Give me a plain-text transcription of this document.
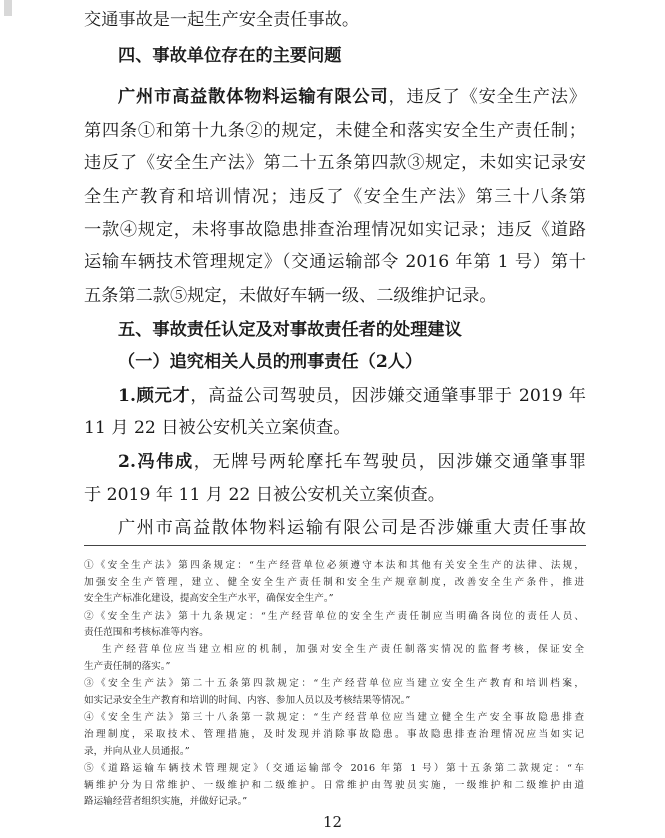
交通事故是一起生产安全责任事故。
四、事故单位存在的主要问题
广州市高益散体物料运输有限公司，违反了《安全生产法》
第四条①和第十九条②的规定，未健全和落实安全生产责任制；
违反了《安全生产法》第二十五条第四款③规定，未如实记录安
全生产教育和培训情况；违反了《安全生产法》第三十八条第
一款④规定，未将事故隐患排查治理情况如实记录；违反《道路
运输车辆技术管理规定》（交通运输部令 2016 年第 1 号）第十
五条第二款⑤规定，未做好车辆一级、二级维护记录。
五、事故责任认定及对事故责任者的处理建议
（一）追究相关人员的刑事责任（2人）
1.顾元才，高益公司驾驶员，因涉嫌交通肇事罪于 2019 年
11 月 22 日被公安机关立案侦查。
2.冯伟成，无牌号两轮摩托车驾驶员，因涉嫌交通肇事罪
于 2019 年 11 月 22 日被公安机关立案侦查。
广州市高益散体物料运输有限公司是否涉嫌重大责任事故
①《安全生产法》第四条规定：“生产经营单位必须遵守本法和其他有关安全生产的法律、法规，
加强安全生产管理，建立、健全安全生产责任制和安全生产规章制度，改善安全生产条件，推进
安全生产标准化建设，提高安全生产水平，确保安全生产。”
②《安全生产法》第十九条规定：“生产经营单位的安全生产责任制应当明确各岗位的责任人员、
责任范围和考核标准等内容。
生产经营单位应当建立相应的机制，加强对安全生产责任制落实情况的监督考核，保证安全
生产责任制的落实。”
③《安全生产法》第二十五条第四款规定：“生产经营单位应当建立安全生产教育和培训档案，
如实记录安全生产教育和培训的时间、内容、参加人员以及考核结果等情况。”
④《安全生产法》第三十八条第一款规定：“生产经营单位应当建立健全生产安全事故隐患排查
治理制度，采取技术、管理措施，及时发现并消除事故隐患。事故隐患排查治理情况应当如实记
录，并向从业人员通报。”
⑤《道路运输车辆技术管理规定》（交通运输部令 2016 年第 1 号）第十五条第二款规定：“车
辆维护分为日常维护、一级维护和二级维护。日常维护由驾驶员实施，一级维护和二级维护由道
路运输经营者组织实施，并做好记录。”
12
